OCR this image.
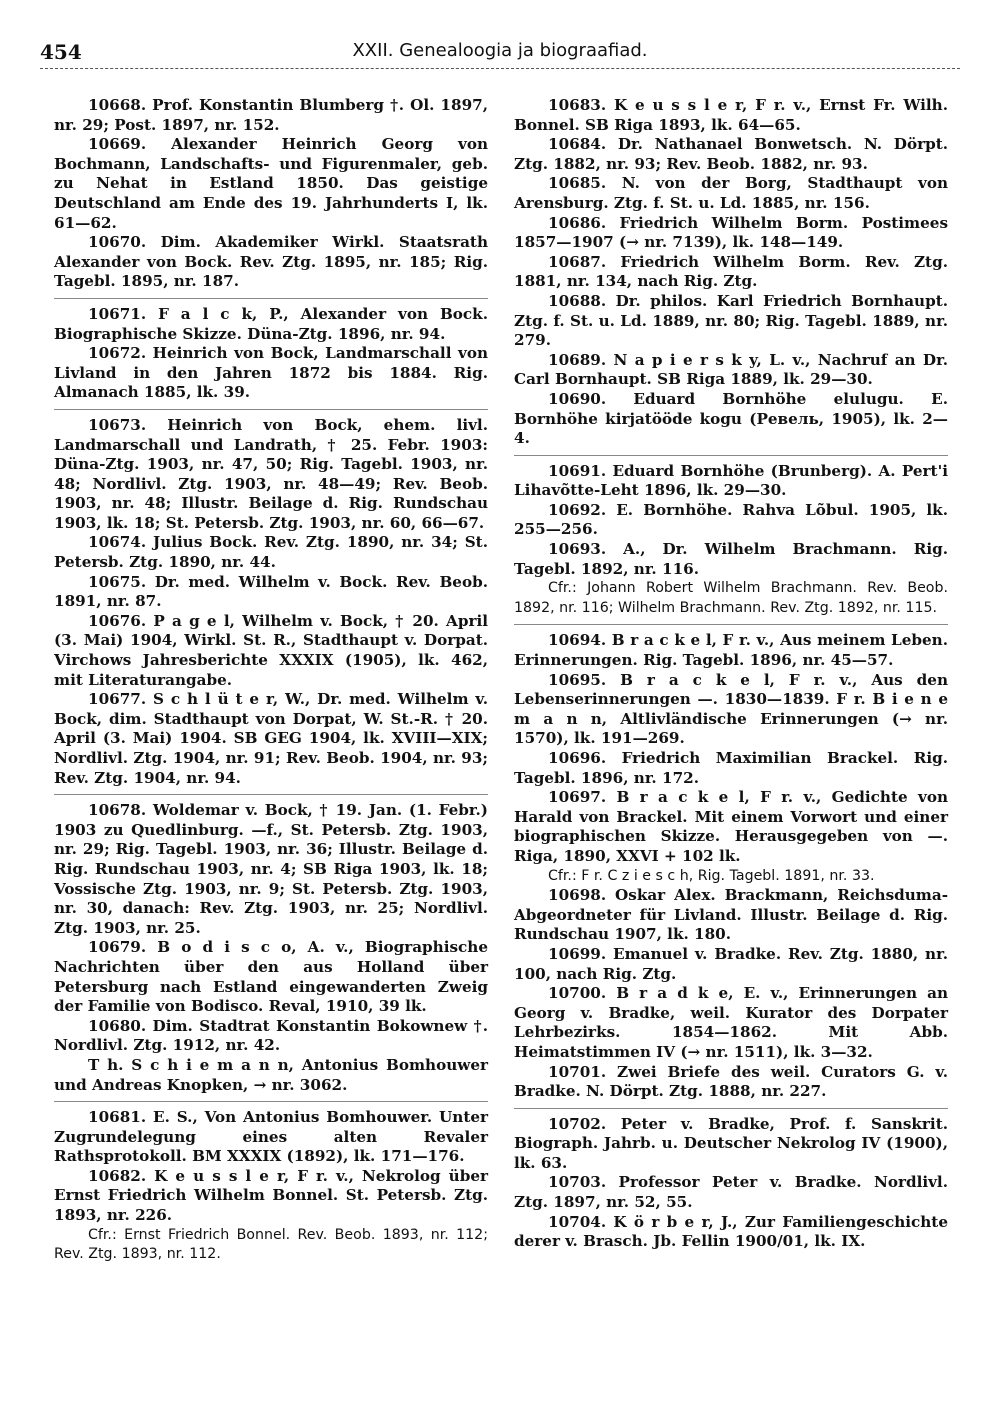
454	XXII. Genealoogia ja biograafiad.

10668. Prof. Konstantin Blumberg †. Ol. 1897, nr. 29; Post. 1897, nr. 152.

10669. Alexander Heinrich Georg von Bochmann, Landschafts- und Figurenmaler, geb. zu Nehat in Estland 1850. Das geistige Deutschland am Ende des 19. Jahrhunderts I, lk. 61—62.

10670. Dim. Akademiker Wirkl. Staatsrath Alexander von Bock. Rev. Ztg. 1895, nr. 185; Rig. Tagebl. 1895, nr. 187.

10671. F a l c k, P., Alexander von Bock. Biographische Skizze. Düna-Ztg. 1896, nr. 94.

10672. Heinrich von Bock, Landmarschall von Livland in den Jahren 1872 bis 1884. Rig. Almanach 1885, lk. 39.

10673. Heinrich von Bock, ehem. livl. Landmarschall und Landrath, † 25. Febr. 1903: Düna-Ztg. 1903, nr. 47, 50; Rig. Tagebl. 1903, nr. 48; Nordlivl. Ztg. 1903, nr. 48—49; Rev. Beob. 1903, nr. 48; Illustr. Beilage d. Rig. Rundschau 1903, lk. 18; St. Petersb. Ztg. 1903, nr. 60, 66—67.

10674. Julius Bock. Rev. Ztg. 1890, nr. 34; St. Petersb. Ztg. 1890, nr. 44.

10675. Dr. med. Wilhelm v. Bock. Rev. Beob. 1891, nr. 87.

10676. P a g e l, Wilhelm v. Bock, † 20. April (3. Mai) 1904, Wirkl. St. R., Stadthaupt v. Dorpat. Virchows Jahresberichte XXXIX (1905), lk. 462, mit Literaturangabe.

10677. S c h l ü t e r, W., Dr. med. Wilhelm v. Bock, dim. Stadthaupt von Dorpat, W. St.-R. † 20. April (3. Mai) 1904. SB GEG 1904, lk. XVIII—XIX; Nordlivl. Ztg. 1904, nr. 91; Rev. Beob. 1904, nr. 93; Rev. Ztg. 1904, nr. 94.

10678. Woldemar v. Bock, † 19. Jan. (1. Febr.) 1903 zu Quedlinburg. —f., St. Petersb. Ztg. 1903, nr. 29; Rig. Tagebl. 1903, nr. 36; Illustr. Beilage d. Rig. Rundschau 1903, nr. 4; SB Riga 1903, lk. 18; Vossische Ztg. 1903, nr. 9; St. Petersb. Ztg. 1903, nr. 30, danach: Rev. Ztg. 1903, nr. 25; Nordlivl. Ztg. 1903, nr. 25.

10679. B o d i s c o, A. v., Biographische Nachrichten über den aus Holland über Petersburg nach Estland eingewanderten Zweig der Familie von Bodisco. Reval, 1910, 39 lk.

10680. Dim. Stadtrat Konstantin Bokownew †. Nordlivl. Ztg. 1912, nr. 42.

T h. S c h i e m a n n, Antonius Bomhouwer und Andreas Knopken, → nr. 3062.

10681. E. S., Von Antonius Bomhouwer. Unter Zugrundelegung eines alten Revaler Rathsprotokoll. BM XXXIX (1892), lk. 171—176.

10682. K e u s s l e r, F r. v., Nekrolog über Ernst Friedrich Wilhelm Bonnel. St. Petersb. Ztg. 1893, nr. 226.

Cfr.: Ernst Friedrich Bonnel. Rev. Beob. 1893, nr. 112; Rev. Ztg. 1893, nr. 112.

10683. K e u s s l e r, F r. v., Ernst Fr. Wilh. Bonnel. SB Riga 1893, lk. 64—65.

10684. Dr. Nathanael Bonwetsch. N. Dörpt. Ztg. 1882, nr. 93; Rev. Beob. 1882, nr. 93.

10685. N. von der Borg, Stadthaupt von Arensburg. Ztg. f. St. u. Ld. 1885, nr. 156.

10686. Friedrich Wilhelm Borm. Postimees 1857—1907 (→ nr. 7139), lk. 148—149.

10687. Friedrich Wilhelm Borm. Rev. Ztg. 1881, nr. 134, nach Rig. Ztg.

10688. Dr. philos. Karl Friedrich Bornhaupt. Ztg. f. St. u. Ld. 1889, nr. 80; Rig. Tagebl. 1889, nr. 279.

10689. N a p i e r s k y, L. v., Nachruf an Dr. Carl Bornhaupt. SB Riga 1889, lk. 29—30.

10690. Eduard Bornhöhe elulugu. E. Bornhöhe kirjatööde kogu (Ревель, 1905), lk. 2—4.

10691. Eduard Bornhöhe (Brunberg). A. Pert'i Lihavõtte-Leht 1896, lk. 29—30.

10692. E. Bornhöhe. Rahva Lõbul. 1905, lk. 255—256.

10693. A., Dr. Wilhelm Brachmann. Rig. Tagebl. 1892, nr. 116.

Cfr.: Johann Robert Wilhelm Brachmann. Rev. Beob. 1892, nr. 116; Wilhelm Brachmann. Rev. Ztg. 1892, nr. 115.

10694. B r a c k e l, F r. v., Aus meinem Leben. Erinnerungen. Rig. Tagebl. 1896, nr. 45—57.

10695. B r a c k e l, F r. v., Aus den Lebenserinnerungen —. 1830—1839. F r. B i e n e m a n n, Altlivländische Erinnerungen (→ nr. 1570), lk. 191—269.

10696. Friedrich Maximilian Brackel. Rig. Tagebl. 1896, nr. 172.

10697. B r a c k e l, F r. v., Gedichte von Harald von Brackel. Mit einem Vorwort und einer biographischen Skizze. Herausgegeben von —. Riga, 1890, XXVI + 102 lk.

Cfr.: F r. C z i e s c h, Rig. Tagebl. 1891, nr. 33.

10698. Oskar Alex. Brackmann, Reichsduma-Abgeordneter für Livland. Illustr. Beilage d. Rig. Rundschau 1907, lk. 180.

10699. Emanuel v. Bradke. Rev. Ztg. 1880, nr. 100, nach Rig. Ztg.

10700. B r a d k e, E. v., Erinnerungen an Georg v. Bradke, weil. Kurator des Dorpater Lehrbezirks. 1854—1862. Mit Abb. Heimatstimmen IV (→ nr. 1511), lk. 3—32.

10701. Zwei Briefe des weil. Curators G. v. Bradke. N. Dörpt. Ztg. 1888, nr. 227.

10702. Peter v. Bradke, Prof. f. Sanskrit. Biograph. Jahrb. u. Deutscher Nekrolog IV (1900), lk. 63.

10703. Professor Peter v. Bradke. Nordlivl. Ztg. 1897, nr. 52, 55.

10704. K ö r b e r, J., Zur Familiengeschichte derer v. Brasch. Jb. Fellin 1900/01, lk. IX.
